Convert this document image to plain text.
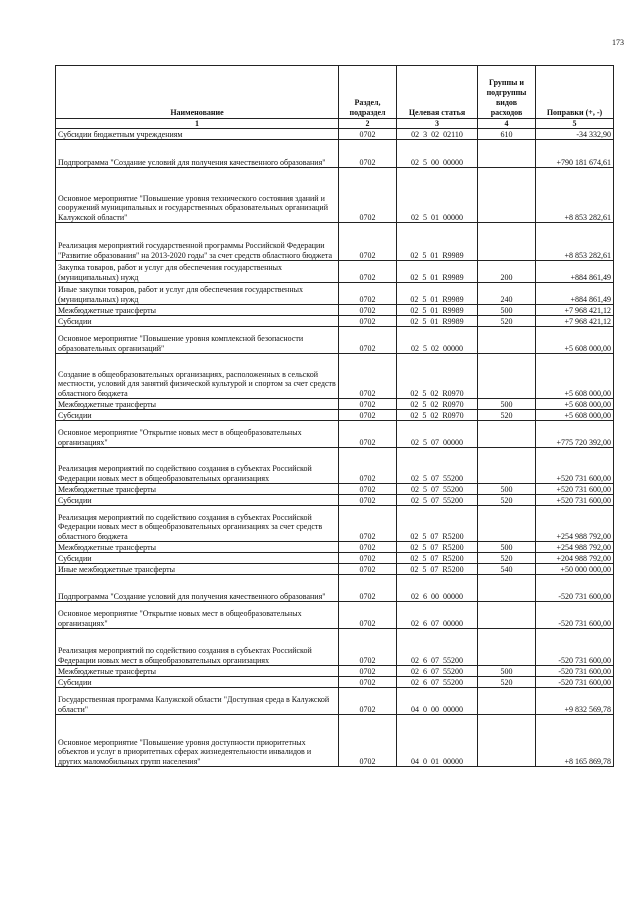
173
Наименование	Раздел, подраздел	Целевая статья	Группы и подгруппы видов расходов	Поправки (+, -)
1	2	3	4	5
Субсидии бюджетным учреждениям	0702	02 3 02 02110	610	-34 332,90
Подпрограмма "Создание условий для получения качественного образования"	0702	02 5 00 00000		+790 181 674,61
Основное мероприятие "Повышение уровня технического состояния зданий и сооружений муниципальных и государственных образовательных организаций Калужской области"	0702	02 5 01 00000		+8 853 282,61
Реализация мероприятий государственной программы Российской Федерации "Развитие образования" на 2013-2020 годы" за счет средств областного бюджета	0702	02 5 01 R9989		+8 853 282,61
Закупка товаров, работ и услуг для обеспечения государственных (муниципальных) нужд	0702	02 5 01 R9989	200	+884 861,49
Иные закупки товаров, работ и услуг для обеспечения государственных (муниципальных) нужд	0702	02 5 01 R9989	240	+884 861,49
Межбюджетные трансферты	0702	02 5 01 R9989	500	+7 968 421,12
Субсидии	0702	02 5 01 R9989	520	+7 968 421,12
Основное мероприятие "Повышение уровня комплексной безопасности образовательных организаций"	0702	02 5 02 00000		+5 608 000,00
Создание в общеобразовательных организациях, расположенных в сельской местности, условий для занятий физической культурой и спортом за счет средств областного бюджета	0702	02 5 02 R0970		+5 608 000,00
Межбюджетные трансферты	0702	02 5 02 R0970	500	+5 608 000,00
Субсидии	0702	02 5 02 R0970	520	+5 608 000,00
Основное мероприятие "Открытие новых мест в общеобразовательных организациях"	0702	02 5 07 00000		+775 720 392,00
Реализация мероприятий по содействию создания в субъектах Российской Федерации новых мест в общеобразовательных организациях	0702	02 5 07 55200		+520 731 600,00
Межбюджетные трансферты	0702	02 5 07 55200	500	+520 731 600,00
Субсидии	0702	02 5 07 55200	520	+520 731 600,00
Реализация мероприятий по содействию создания в субъектах Российской Федерации новых мест в общеобразовательных организациях за счет средств областного бюджета	0702	02 5 07 R5200		+254 988 792,00
Межбюджетные трансферты	0702	02 5 07 R5200	500	+254 988 792,00
Субсидии	0702	02 5 07 R5200	520	+204 988 792,00
Иные межбюджетные трансферты	0702	02 5 07 R5200	540	+50 000 000,00
Подпрограмма "Создание условий для получения качественного образования"	0702	02 6 00 00000		-520 731 600,00
Основное мероприятие "Открытие новых мест в общеобразовательных организациях"	0702	02 6 07 00000		-520 731 600,00
Реализация мероприятий по содействию создания в субъектах Российской Федерации новых мест в общеобразовательных организациях	0702	02 6 07 55200		-520 731 600,00
Межбюджетные трансферты	0702	02 6 07 55200	500	-520 731 600,00
Субсидии	0702	02 6 07 55200	520	-520 731 600,00
Государственная программа Калужской области "Доступная среда в Калужской области"	0702	04 0 00 00000		+9 832 569,78
Основное мероприятие "Повышение уровня доступности приоритетных объектов и услуг в приоритетных сферах жизнедеятельности инвалидов и других маломобильных групп населения"	0702	04 0 01 00000		+8 165 869,78
